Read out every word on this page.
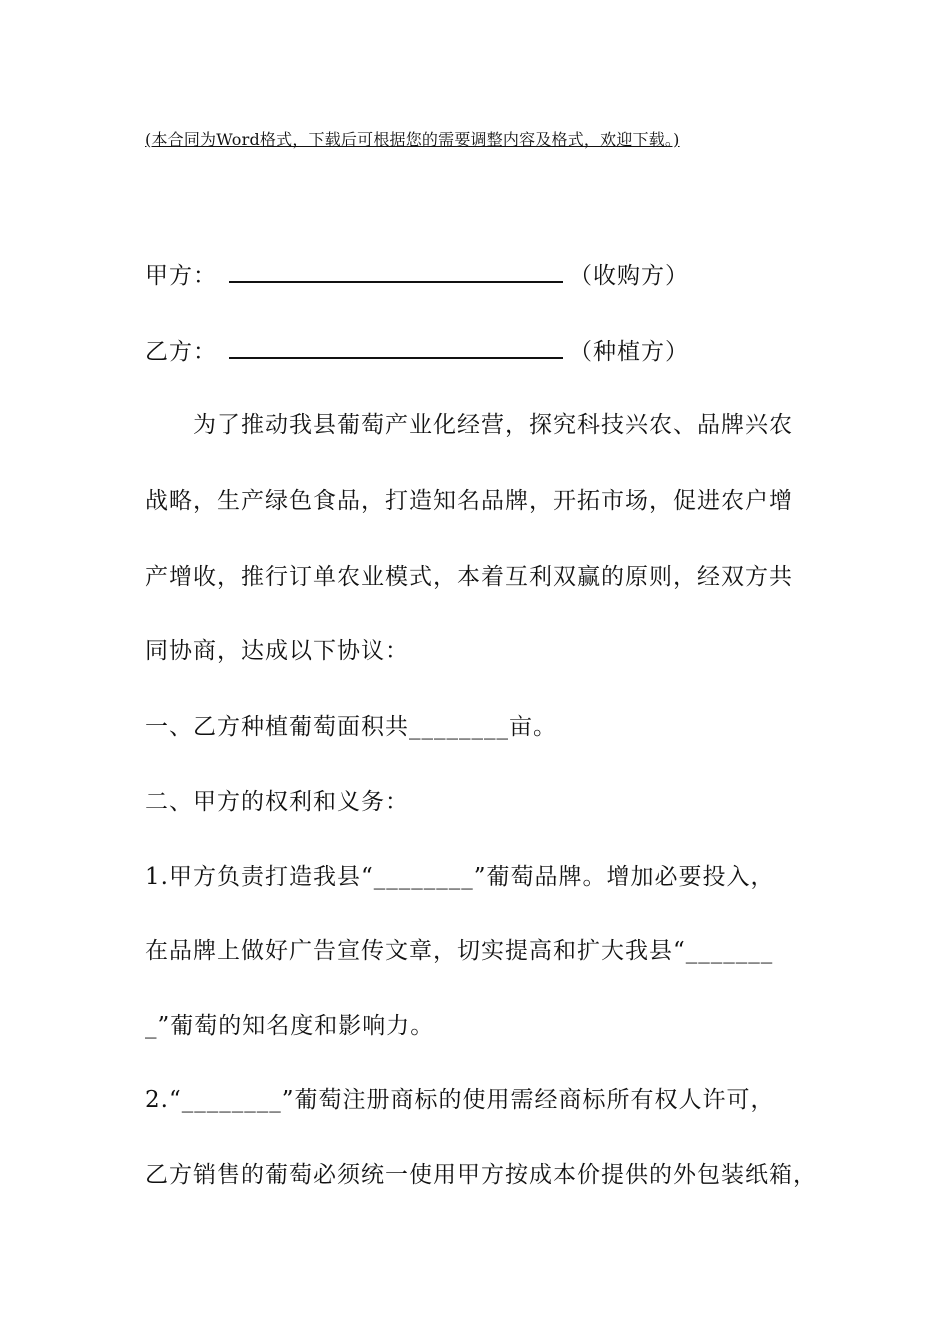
(本合同为Word格式，下载后可根据您的需要调整内容及格式，欢迎下载。)
甲方：	（收购方）
乙方：	（种植方）
为了推动我县葡萄产业化经营，探究科技兴农、品牌兴农
战略，生产绿色食品，打造知名品牌，开拓市场，促进农户增
产增收，推行订单农业模式，本着互利双赢的原则，经双方共
同协商，达成以下协议：
一、乙方种植葡萄面积共________亩。
二、甲方的权利和义务：
1.甲方负责打造我县“________”葡萄品牌。增加必要投入，
在品牌上做好广告宣传文章，切实提高和扩大我县“_______
_”葡萄的知名度和影响力。
2.“________”葡萄注册商标的使用需经商标所有权人许可，
乙方销售的葡萄必须统一使用甲方按成本价提供的外包装纸箱，
